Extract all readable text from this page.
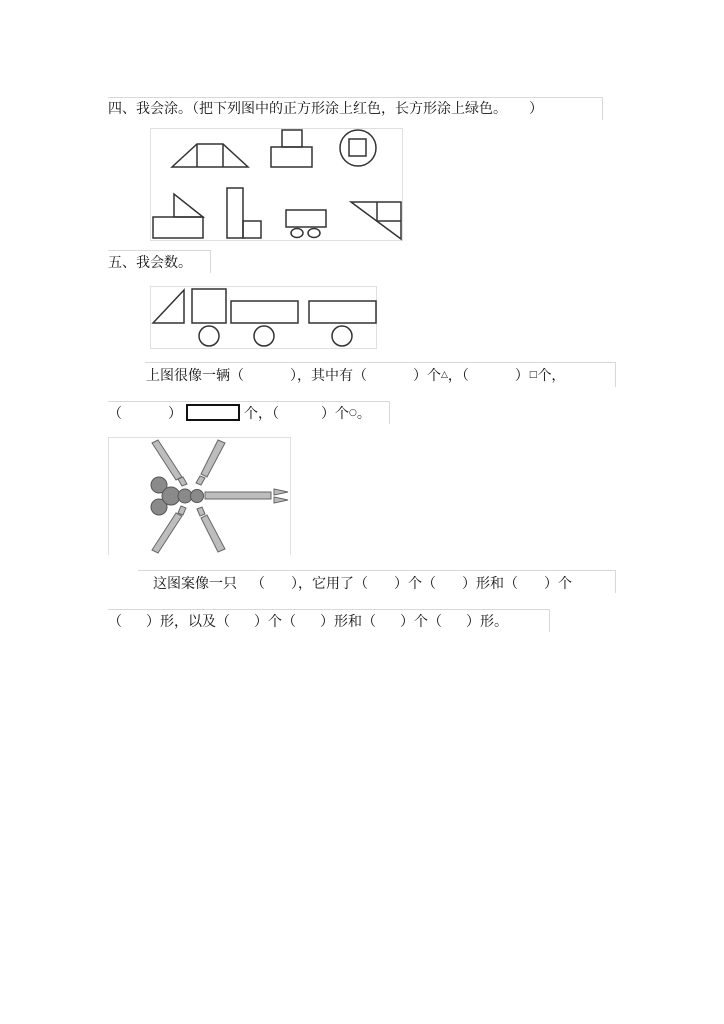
四、我会涂。（把下列图中的正方形涂上红色，长方形涂上绿色。 ）
五、我会数。
上图很像一辆（	），其中有（	）个△，（	）□个，
（	）	个，（	）个○。
这图案像一只 （ ），它用了（ ）个（ ）形和（ ）个
（ ）形，以及（ ）个（ ）形和（ ）个（ ）形。
